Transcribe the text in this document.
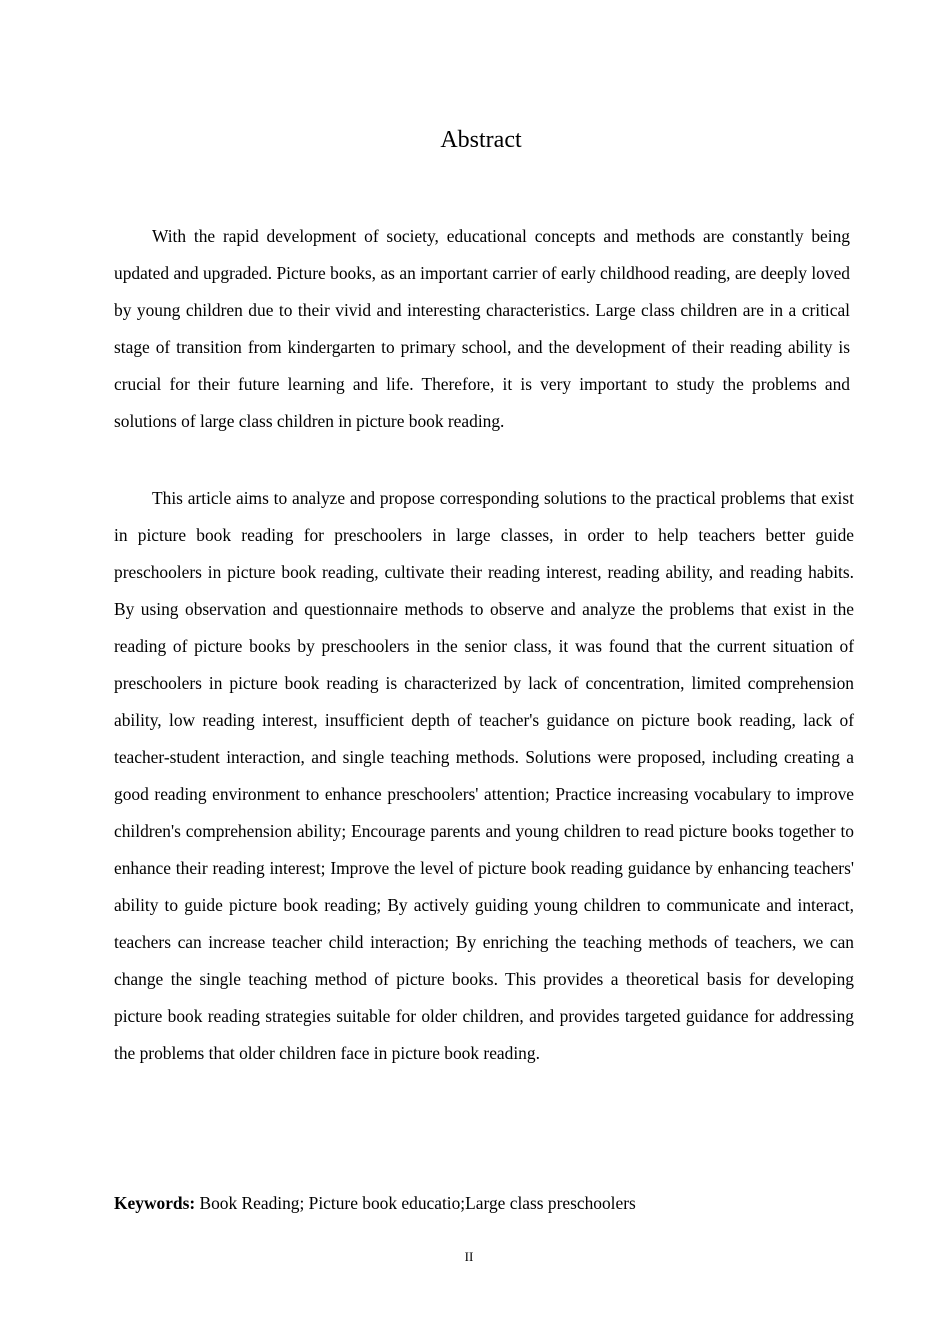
Abstract

With the rapid development of society, educational concepts and methods are constantly being updated and upgraded. Picture books, as an important carrier of early childhood reading, are deeply loved by young children due to their vivid and interesting characteristics. Large class children are in a critical stage of transition from kindergarten to primary school, and the development of their reading ability is crucial for their future learning and life. Therefore, it is very important to study the problems and solutions of large class children in picture book reading.

This article aims to analyze and propose corresponding solutions to the practical problems that exist in picture book reading for preschoolers in large classes, in order to help teachers better guide preschoolers in picture book reading, cultivate their reading interest, reading ability, and reading habits. By using observation and questionnaire methods to observe and analyze the problems that exist in the reading of picture books by preschoolers in the senior class, it was found that the current situation of preschoolers in picture book reading is characterized by lack of concentration, limited comprehension ability, low reading interest, insufficient depth of teacher's guidance on picture book reading, lack of teacher-student interaction, and single teaching methods. Solutions were proposed, including creating a good reading environment to enhance preschoolers' attention; Practice increasing vocabulary to improve children's comprehension ability; Encourage parents and young children to read picture books together to enhance their reading interest; Improve the level of picture book reading guidance by enhancing teachers' ability to guide picture book reading; By actively guiding young children to communicate and interact, teachers can increase teacher child interaction; By enriching the teaching methods of teachers, we can change the single teaching method of picture books. This provides a theoretical basis for developing picture book reading strategies suitable for older children, and provides targeted guidance for addressing the problems that older children face in picture book reading.

Keywords: Book Reading; Picture book educatio;Large class preschoolers
II
